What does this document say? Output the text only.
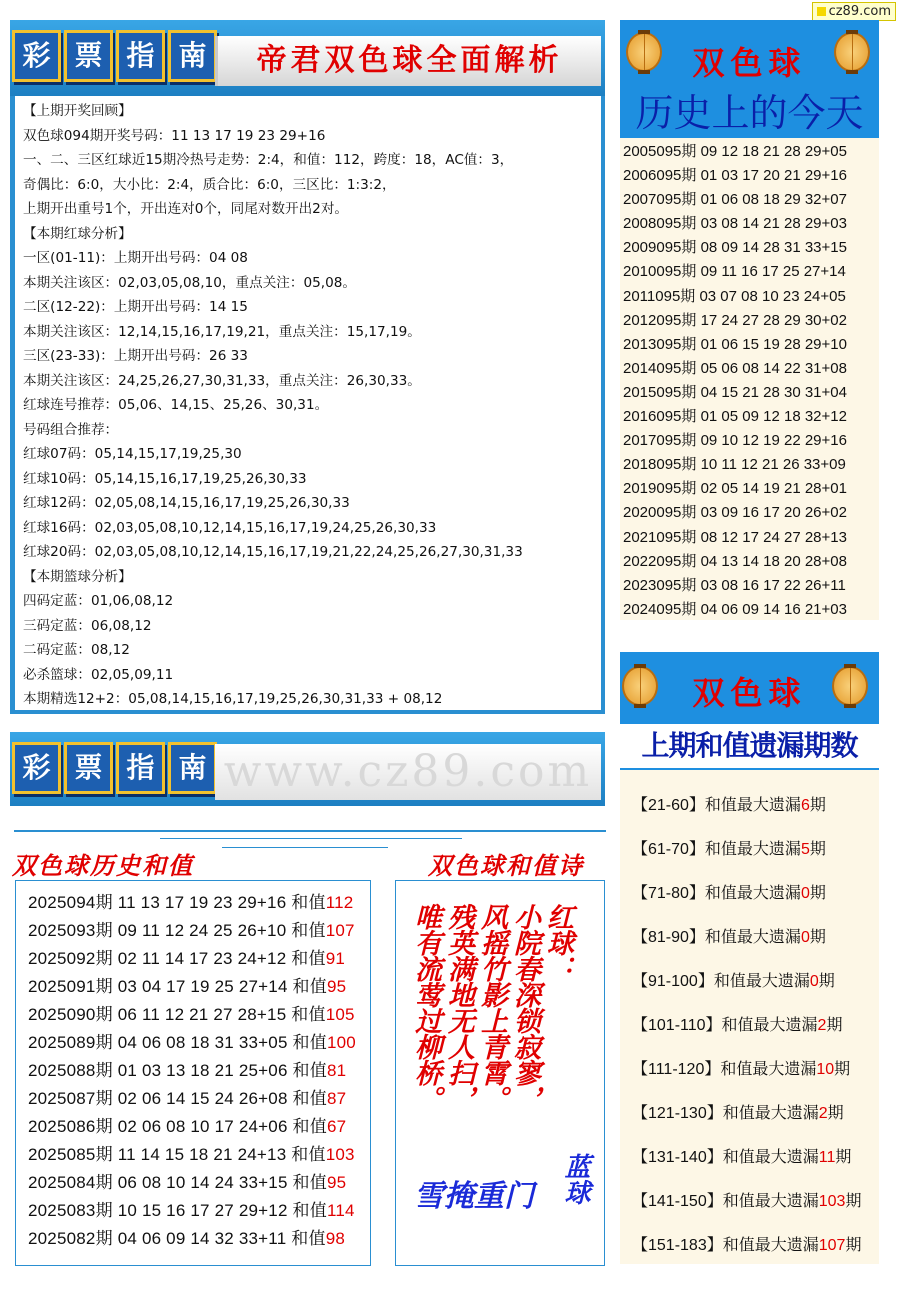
cz89.com
彩 票 指 南	帝君双色球全面解析

【上期开奖回顾】

双色球094期开奖号码：11 13 17 19 23 29+16

一、二、三区红球近15期冷热号走势：2:4，和值：112，跨度：18，AC值：3，

奇偶比：6:0，大小比：2:4，质合比：6:0，三区比：1:3:2，

上期开出重号1个，开出连对0个，同尾对数开出2对。

【本期红球分析】

一区(01-11)：上期开出号码：04 08

本期关注该区：02,03,05,08,10，重点关注：05,08。

二区(12-22)：上期开出号码：14 15

本期关注该区：12,14,15,16,17,19,21，重点关注：15,17,19。

三区(23-33)：上期开出号码：26 33

本期关注该区：24,25,26,27,30,31,33，重点关注：26,30,33。

红球连号推荐：05,06、14,15、25,26、30,31。

号码组合推荐：

红球07码：05,14,15,17,19,25,30

红球10码：05,14,15,16,17,19,25,26,30,33

红球12码：02,05,08,14,15,16,17,19,25,26,30,33

红球16码：02,03,05,08,10,12,14,15,16,17,19,24,25,26,30,33

红球20码：02,03,05,08,10,12,14,15,16,17,19,21,22,24,25,26,27,30,31,33

【本期篮球分析】

四码定蓝：01,06,08,12

三码定蓝：06,08,12

二码定蓝：08,12

必杀篮球：02,05,09,11

本期精选12+2：05,08,14,15,16,17,19,25,26,30,31,33 + 08,12

彩 票 指 南 www.cz89.com
双色球历史和值	双色球和值诗
2025094期 11 13 17 19 23 29+16 和值112
2025093期 09 11 12 24 25 26+10 和值107
2025092期 02 11 14 17 23 24+12 和值91
2025091期 03 04 17 19 25 27+14 和值95
2025090期 06 11 12 21 27 28+15 和值105
2025089期 04 06 08 18 31 33+05 和值100
2025088期 01 03 13 18 21 25+06 和值81
2025087期 02 06 14 15 24 26+08 和值87
2025086期 02 06 08 10 17 24+06 和值67
2025085期 11 14 15 18 21 24+13 和值103
2025084期 06 08 10 14 24 33+15 和值95
2025083期 10 15 16 17 27 29+12 和值114
2025082期 04 06 09 14 32 33+11 和值98
红球：
小院春深锁寂寥，
风摇竹影上青霄。
残英满地无人扫，
唯有流莺过柳桥。
雪掩重门 蓝球
双色球
历史上的今天
2005095期 09 12 18 21 28 29+05
2006095期 01 03 17 20 21 29+16
2007095期 01 06 08 18 29 32+07
2008095期 03 08 14 21 28 29+03
2009095期 08 09 14 28 31 33+15
2010095期 09 11 16 17 25 27+14
2011095期 03 07 08 10 23 24+05
2012095期 17 24 27 28 29 30+02
2013095期 01 06 15 19 28 29+10
2014095期 05 06 08 14 22 31+08
2015095期 04 15 21 28 30 31+04
2016095期 01 05 09 12 18 32+12
2017095期 09 10 12 19 22 29+16
2018095期 10 11 12 21 26 33+09
2019095期 02 05 14 19 21 28+01
2020095期 03 09 16 17 20 26+02
2021095期 08 12 17 24 27 28+13
2022095期 04 13 14 18 20 28+08
2023095期 03 08 16 17 22 26+11
2024095期 04 06 09 14 16 21+03
双色球
上期和值遗漏期数
【21-60】和值最大遗漏6期
【61-70】和值最大遗漏5期
【71-80】和值最大遗漏0期
【81-90】和值最大遗漏0期
【91-100】和值最大遗漏0期
【101-110】和值最大遗漏2期
【111-120】和值最大遗漏10期
【121-130】和值最大遗漏2期
【131-140】和值最大遗漏11期
【141-150】和值最大遗漏103期
【151-183】和值最大遗漏107期
